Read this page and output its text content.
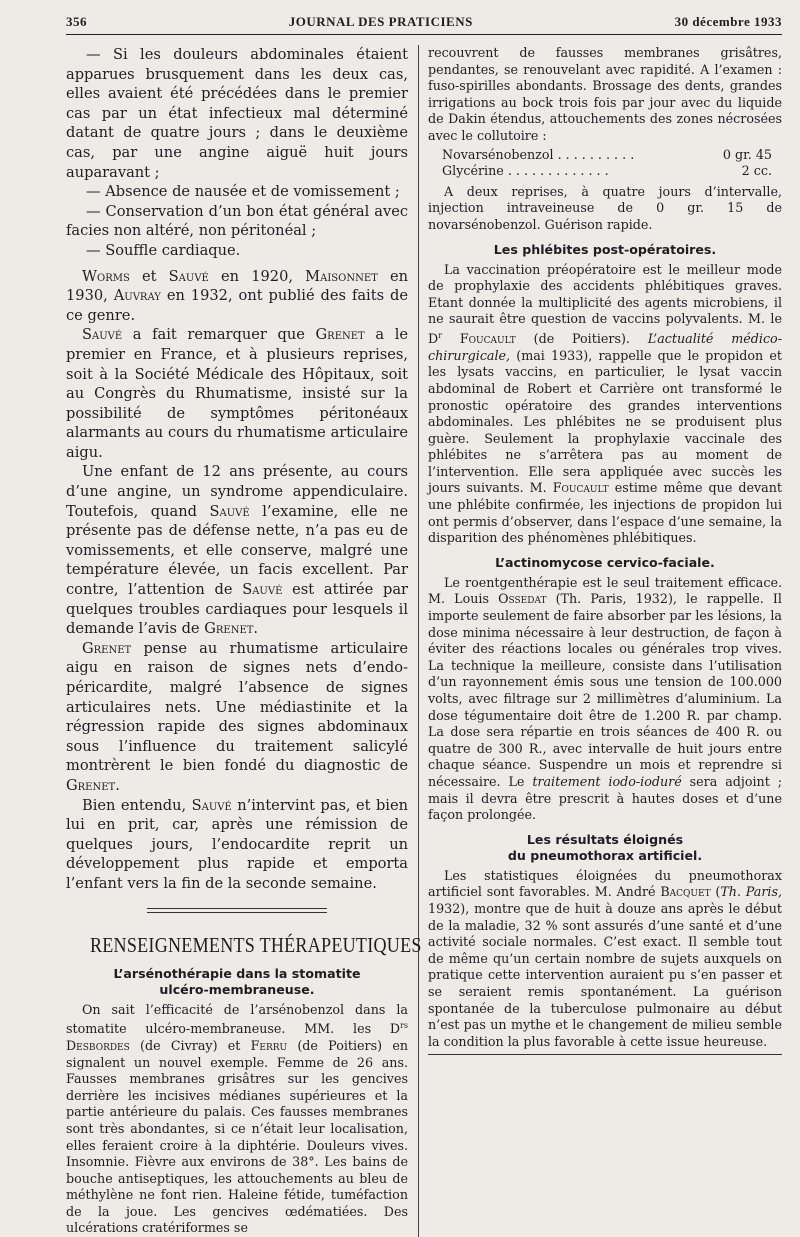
356	JOURNAL DES PRATICIENS	30 décembre 1933

— Si les douleurs abdominales étaient apparues brusquement dans les deux cas, elles avaient été précédées dans le premier cas par un état infectieux mal déterminé datant de quatre jours ; dans le deuxième cas, par une angine aiguë huit jours auparavant ;

— Absence de nausée et de vomissement ;

— Conservation d’un bon état général avec facies non altéré, non péritonéal ;

— Souffle cardiaque.

Worms et Sauvé en 1920, Maisonnet en 1930, Auvray en 1932, ont publié des faits de ce genre.

Sauvé a fait remarquer que Grenet a le premier en France, et à plusieurs reprises, soit à la Société Médicale des Hôpitaux, soit au Congrès du Rhumatisme, insisté sur la possibilité de symptômes péritonéaux alarmants au cours du rhumatisme articulaire aigu.

Une enfant de 12 ans présente, au cours d’une angine, un syndrome appendiculaire. Toutefois, quand Sauvé l’examine, elle ne présente pas de défense nette, n’a pas eu de vomissements, et elle conserve, malgré une température élevée, un facis excellent. Par contre, l’attention de Sauvé est attirée par quelques troubles cardiaques pour lesquels il demande l’avis de Grenet.

Grenet pense au rhumatisme articulaire aigu en raison de signes nets d’endo-péricardite, malgré l’absence de signes articulaires nets. Une médiastinite et la régression rapide des signes abdominaux sous l’influence du traitement salicylé montrèrent le bien fondé du diagnostic de Grenet.

Bien entendu, Sauvé n’intervint pas, et bien lui en prit, car, après une rémission de quelques jours, l’endocardite reprit un développement plus rapide et emporta l’enfant vers la fin de la seconde semaine.

RENSEIGNEMENTS THÉRAPEUTIQUES
L’arsénothérapie dans la stomatite
ulcéro-membraneuse.

On sait l’efficacité de l’arsénobenzol dans la stomatite ulcéro-membraneuse. MM. les $D^{rs}$ Desbordes (de Civray) et Ferru (de Poitiers) en signalent un nouvel exemple. Femme de 26 ans. Fausses membranes grisâtres sur les gencives derrière les incisives médianes supérieures et la partie antérieure du palais. Ces fausses membranes sont très abondantes, si ce n’était leur localisation, elles feraient croire à la diphtérie. Douleurs vives. Insomnie. Fièvre aux environs de 38°. Les bains de bouche antiseptiques, les attouchements au bleu de méthylène ne font rien. Haleine fétide, tuméfaction de la joue. Les gencives œdématiées. Des ulcérations cratériformes se

recouvrent de fausses membranes grisâtres, pendantes, se renouvelant avec rapidité. A l’examen : fuso-spirilles abondants. Brossage des dents, grandes irrigations au bock trois fois par jour avec du liquide de Dakin étendus, attouchements des zones nécrosées avec le collutoire :

Novarsénobenzol . . . . . . . . . .	0 gr. 45
Glycérine . . . . . . . . . . . . .	2 cc.

A deux reprises, à quatre jours d’intervalle, injection intraveineuse de 0 gr. 15 de novarsénobenzol. Guérison rapide.

Les phlébites post-opératoires.

La vaccination préopératoire est le meilleur mode de prophylaxie des accidents phlébitiques graves. Etant donnée la multiplicité des agents microbiens, il ne saurait être question de vaccins polyvalents. M. le $D^r$ Foucault (de Poitiers). L’actualité médico-chirurgicale, (mai 1933), rappelle que le propidon et les lysats vaccins, en particulier, le lysat vaccin abdominal de Robert et Carrière ont transformé le pronostic opératoire des grandes interventions abdominales. Les phlébites ne se produisent plus guère. Seulement la prophylaxie vaccinale des phlébites ne s’arrêtera pas au moment de l’intervention. Elle sera appliquée avec succès les jours suivants. M. Foucault estime même que devant une phlébite confirmée, les injections de propidon lui ont permis d’observer, dans l’espace d’une semaine, la disparition des phénomènes phlébitiques.

L’actinomycose cervico-faciale.

Le roentgenthérapie est le seul traitement efficace. M. Louis Ossedat (Th. Paris, 1932), le rappelle. Il importe seulement de faire absorber par les lésions, la dose minima nécessaire à leur destruction, de façon à éviter des réactions locales ou générales trop vives. La technique la meilleure, consiste dans l’utilisation d’un rayonnement émis sous une tension de 100.000 volts, avec filtrage sur 2 millimètres d’aluminium. La dose tégumentaire doit être de 1.200 R. par champ. La dose sera répartie en trois séances de 400 R. ou quatre de 300 R., avec intervalle de huit jours entre chaque séance. Suspendre un mois et reprendre si nécessaire. Le traitement iodo-ioduré sera adjoint ; mais il devra être prescrit à hautes doses et d’une façon prolongée.

Les résultats éloignés
du pneumothorax artificiel.

Les statistiques éloignées du pneumothorax artificiel sont favorables. M. André Bacquet (Th. Paris, 1932), montre que de huit à douze ans après le début de la maladie, 32 % sont assurés d’une santé et d’une activité sociale normales. C’est exact. Il semble tout de même qu’un certain nombre de sujets auxquels on pratique cette intervention auraient pu s’en passer et se seraient remis spontanément. La guérison spontanée de la tuberculose pulmonaire au début n’est pas un mythe et le changement de milieu semble la condition la plus favorable à cette issue heureuse.
